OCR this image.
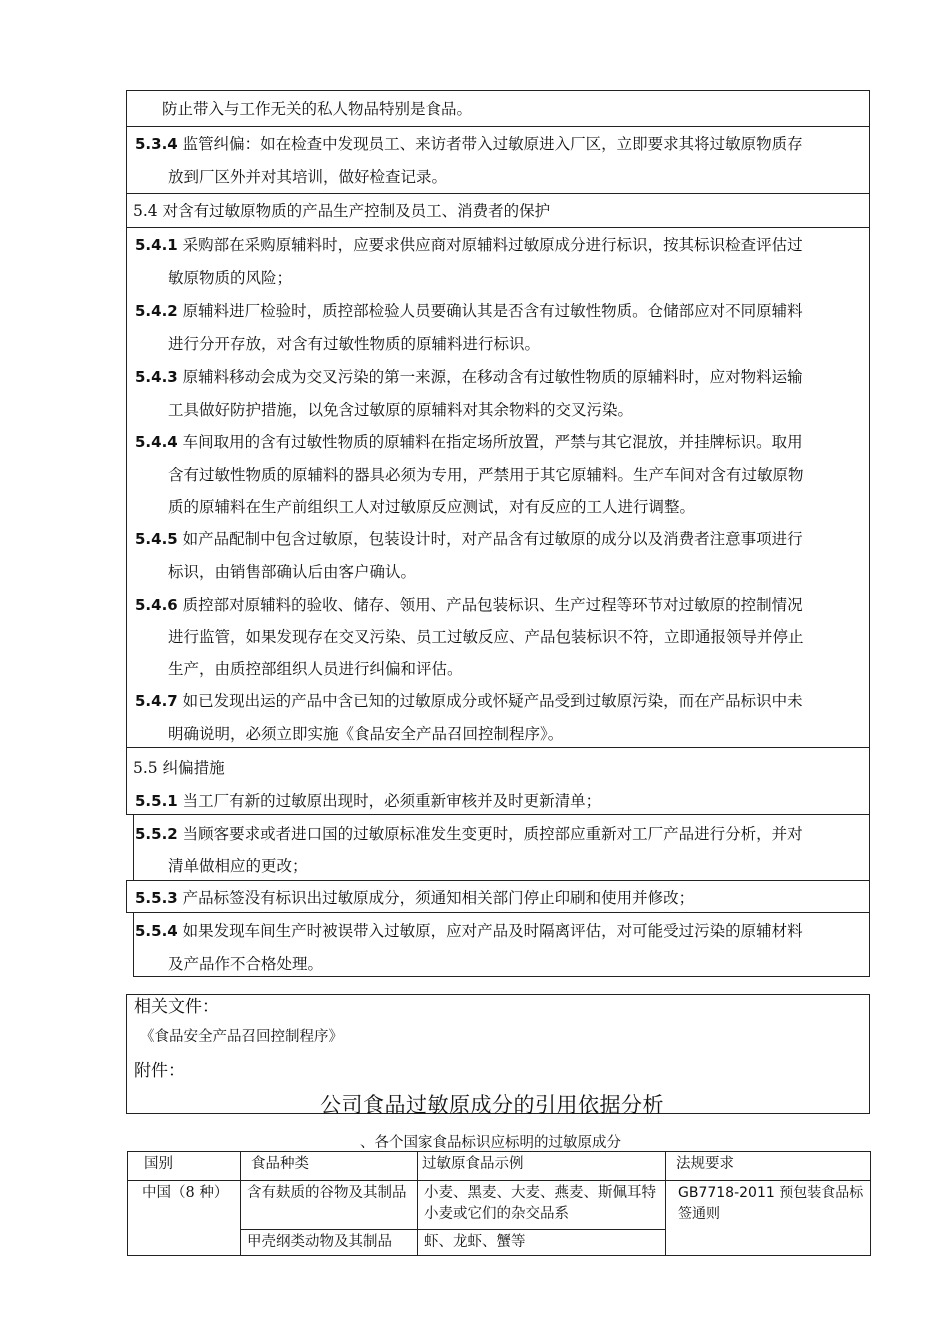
防止带入与工作无关的私人物品特别是食品。
5.3.4 监管纠偏：如在检查中发现员工、来访者带入过敏原进入厂区，立即要求其将过敏原物质存
放到厂区外并对其培训，做好检查记录。
5.4 对含有过敏原物质的产品生产控制及员工、消费者的保护
5.4.1 采购部在采购原辅料时，应要求供应商对原辅料过敏原成分进行标识，按其标识检查评估过
敏原物质的风险；
5.4.2 原辅料进厂检验时，质控部检验人员要确认其是否含有过敏性物质。仓储部应对不同原辅料
进行分开存放，对含有过敏性物质的原辅料进行标识。
5.4.3 原辅料移动会成为交叉污染的第一来源，在移动含有过敏性物质的原辅料时，应对物料运输
工具做好防护措施，以免含过敏原的原辅料对其余物料的交叉污染。
5.4.4 车间取用的含有过敏性物质的原辅料在指定场所放置，严禁与其它混放，并挂牌标识。取用
含有过敏性物质的原辅料的器具必须为专用，严禁用于其它原辅料。生产车间对含有过敏原物
质的原辅料在生产前组织工人对过敏原反应测试，对有反应的工人进行调整。
5.4.5 如产品配制中包含过敏原，包装设计时，对产品含有过敏原的成分以及消费者注意事项进行
标识，由销售部确认后由客户确认。
5.4.6 质控部对原辅料的验收、储存、领用、产品包装标识、生产过程等环节对过敏原的控制情况
进行监管，如果发现存在交叉污染、员工过敏反应、产品包装标识不符，立即通报领导并停止
生产，由质控部组织人员进行纠偏和评估。
5.4.7 如已发现出运的产品中含已知的过敏原成分或怀疑产品受到过敏原污染，而在产品标识中未
明确说明，必须立即实施《食品安全产品召回控制程序》。
5.5 纠偏措施
5.5.1 当工厂有新的过敏原出现时，必须重新审核并及时更新清单；
5.5.2 当顾客要求或者进口国的过敏原标准发生变更时，质控部应重新对工厂产品进行分析，并对
清单做相应的更改；
5.5.3 产品标签没有标识出过敏原成分，须通知相关部门停止印刷和使用并修改；
5.5.4 如果发现车间生产时被误带入过敏原，应对产品及时隔离评估，对可能受过污染的原辅材料
及产品作不合格处理。
相关文件：
《食品安全产品召回控制程序》
附件：
公司食品过敏原成分的引用依据分析
、各个国家食品标识应标明的过敏原成分
国别	食品种类	过敏原食品示例	法规要求
中国（8 种）	含有麸质的谷物及其制品	小麦、黑麦、大麦、燕麦、斯佩耳特小麦或它们的杂交品系	GB7718-2011 预包装食品标签通则
	甲壳纲类动物及其制品	虾、龙虾、蟹等	
